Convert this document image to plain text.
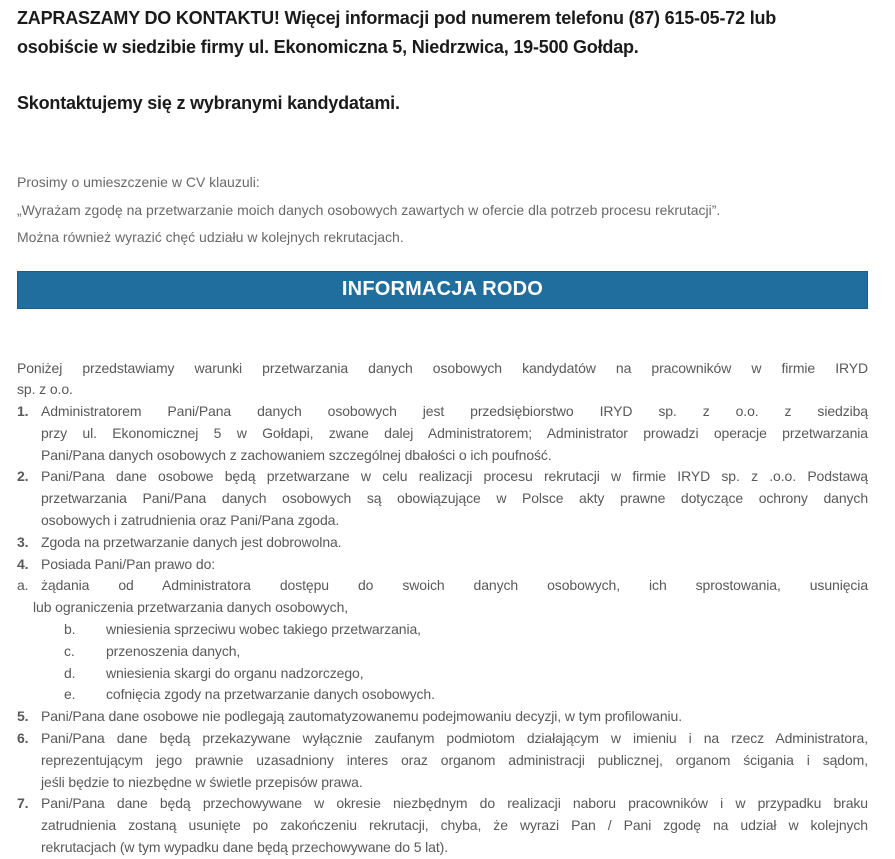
ZAPRASZAMY DO KONTAKTU! Więcej informacji pod numerem telefonu (87) 615-05-72 lub
osobiście w siedzibie firmy ul. Ekonomiczna 5, Niedrzwica, 19-500 Gołdap.
Skontaktujemy się z wybranymi kandydatami.
Prosimy o umieszczenie w CV klauzuli:
„Wyrażam zgodę na przetwarzanie moich danych osobowych zawartych w ofercie dla potrzeb procesu rekrutacji”.
Można również wyrazić chęć udziału w kolejnych rekrutacjach.
INFORMACJA RODO
Poniżej przedstawiamy warunki przetwarzania danych osobowych kandydatów na pracowników w firmie IRYD
sp. z o.o.
1. Administratorem Pani/Pana danych osobowych jest przedsiębiorstwo IRYD sp. z o.o. z siedzibą
przy ul. Ekonomicznej 5 w Gołdapi, zwane dalej Administratorem; Administrator prowadzi operacje przetwarzania
Pani/Pana danych osobowych z zachowaniem szczególnej dbałości o ich poufność.
2. Pani/Pana dane osobowe będą przetwarzane w celu realizacji procesu rekrutacji w firmie IRYD sp. z .o.o. Podstawą
przetwarzania Pani/Pana danych osobowych są obowiązujące w Polsce akty prawne dotyczące ochrony danych
osobowych i zatrudnienia oraz Pani/Pana zgoda.
3. Zgoda na przetwarzanie danych jest dobrowolna.
4. Posiada Pani/Pan prawo do:
a. żądania od Administratora dostępu do swoich danych osobowych, ich sprostowania, usunięcia
lub ograniczenia przetwarzania danych osobowych,
b. wniesienia sprzeciwu wobec takiego przetwarzania,
c. przenoszenia danych,
d. wniesienia skargi do organu nadzorczego,
e. cofnięcia zgody na przetwarzanie danych osobowych.
5. Pani/Pana dane osobowe nie podlegają zautomatyzowanemu podejmowaniu decyzji, w tym profilowaniu.
6. Pani/Pana dane będą przekazywane wyłącznie zaufanym podmiotom działającym w imieniu i na rzecz Administratora,
reprezentującym jego prawnie uzasadniony interes oraz organom administracji publicznej, organom ścigania i sądom,
jeśli będzie to niezbędne w świetle przepisów prawa.
7. Pani/Pana dane będą przechowywane w okresie niezbędnym do realizacji naboru pracowników i w przypadku braku
zatrudnienia zostaną usunięte po zakończeniu rekrutacji, chyba, że wyrazi Pan / Pani zgodę na udział w kolejnych
rekrutacjach (w tym wypadku dane będą przechowywane do 5 lat).
